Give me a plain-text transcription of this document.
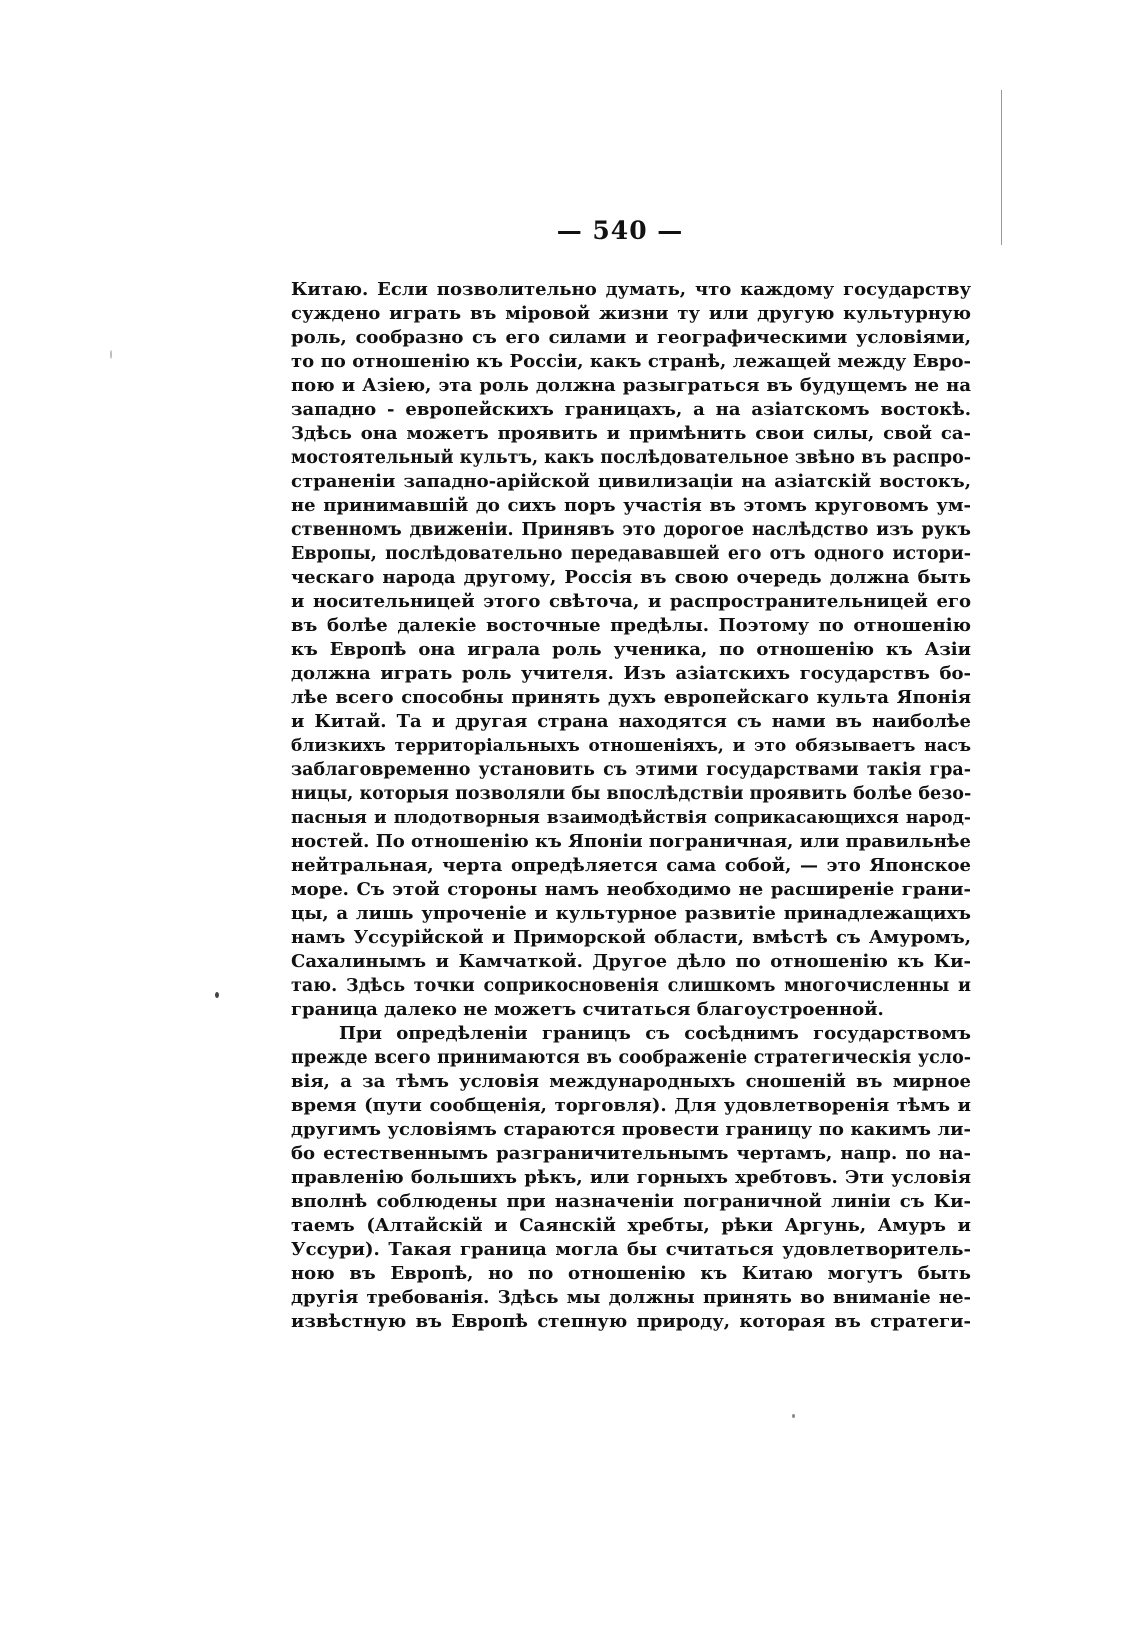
— 540 —
Китаю. Если позволительно думать, что каждому государству
суждено играть въ міровой жизни ту или другую культурную
роль, сообразно съ его силами и географическими условіями,
то по отношенію къ Россіи, какъ странѣ, лежащей между Евро-
пою и Азіею, эта роль должна разыграться въ будущемъ не на
западно - европейскихъ границахъ, а на азіатскомъ востокѣ.
Здѣсь она можетъ проявить и примѣнить свои силы, свой са-
мостоятельный культъ, какъ послѣдовательное звѣно въ распро-
страненіи западно-арійской цивилизаціи на азіатскій востокъ,
не принимавшій до сихъ поръ участія въ этомъ круговомъ ум-
ственномъ движеніи. Принявъ это дорогое наслѣдство изъ рукъ
Европы, послѣдовательно передававшей его отъ одного истори-
ческаго народа другому, Россія въ свою очередь должна быть
и носительницей этого свѣточа, и распространительницей его
въ болѣе далекіе восточные предѣлы. Поэтому по отношенію
къ Европѣ она играла роль ученика, по отношенію къ Азіи
должна играть роль учителя. Изъ азіатскихъ государствъ бо-
лѣе всего способны принять духъ европейскаго культа Японія
и Китай. Та и другая страна находятся съ нами въ наиболѣе
близкихъ территоріальныхъ отношеніяхъ, и это обязываетъ насъ
заблаговременно установить съ этими государствами такія гра-
ницы, которыя позволяли бы впослѣдствіи проявить болѣе безо-
пасныя и плодотворныя взаимодѣйствія соприкасающихся народ-
ностей. По отношенію къ Японіи пограничная, или правильнѣе
нейтральная, черта опредѣляется сама собой, — это Японское
море. Съ этой стороны намъ необходимо не расширеніе грани-
цы, а лишь упроченіе и культурное развитіе принадлежащихъ
намъ Уссурійской и Приморской области, вмѣстѣ съ Амуромъ,
Сахалинымъ и Камчаткой. Другое дѣло по отношенію къ Ки-
таю. Здѣсь точки соприкосновенія слишкомъ многочисленны и
граница далеко не можетъ считаться благоустроенной.
При опредѣленіи границъ съ сосѣднимъ государствомъ
прежде всего принимаются въ соображеніе стратегическія усло-
вія, а за тѣмъ условія международныхъ сношеній въ мирное
время (пути сообщенія, торговля). Для удовлетворенія тѣмъ и
другимъ условіямъ стараются провести границу по какимъ ли-
бо естественнымъ разграничительнымъ чертамъ, напр. по на-
правленію большихъ рѣкъ, или горныхъ хребтовъ. Эти условія
вполнѣ соблюдены при назначеніи пограничной линіи съ Ки-
таемъ (Алтайскій и Саянскій хребты, рѣки Аргунь, Амуръ и
Уссури). Такая граница могла бы считаться удовлетворитель-
ною въ Европѣ, но по отношенію къ Китаю могутъ быть
другія требованія. Здѣсь мы должны принять во вниманіе не-
извѣстную въ Европѣ степную природу, которая въ стратеги-
